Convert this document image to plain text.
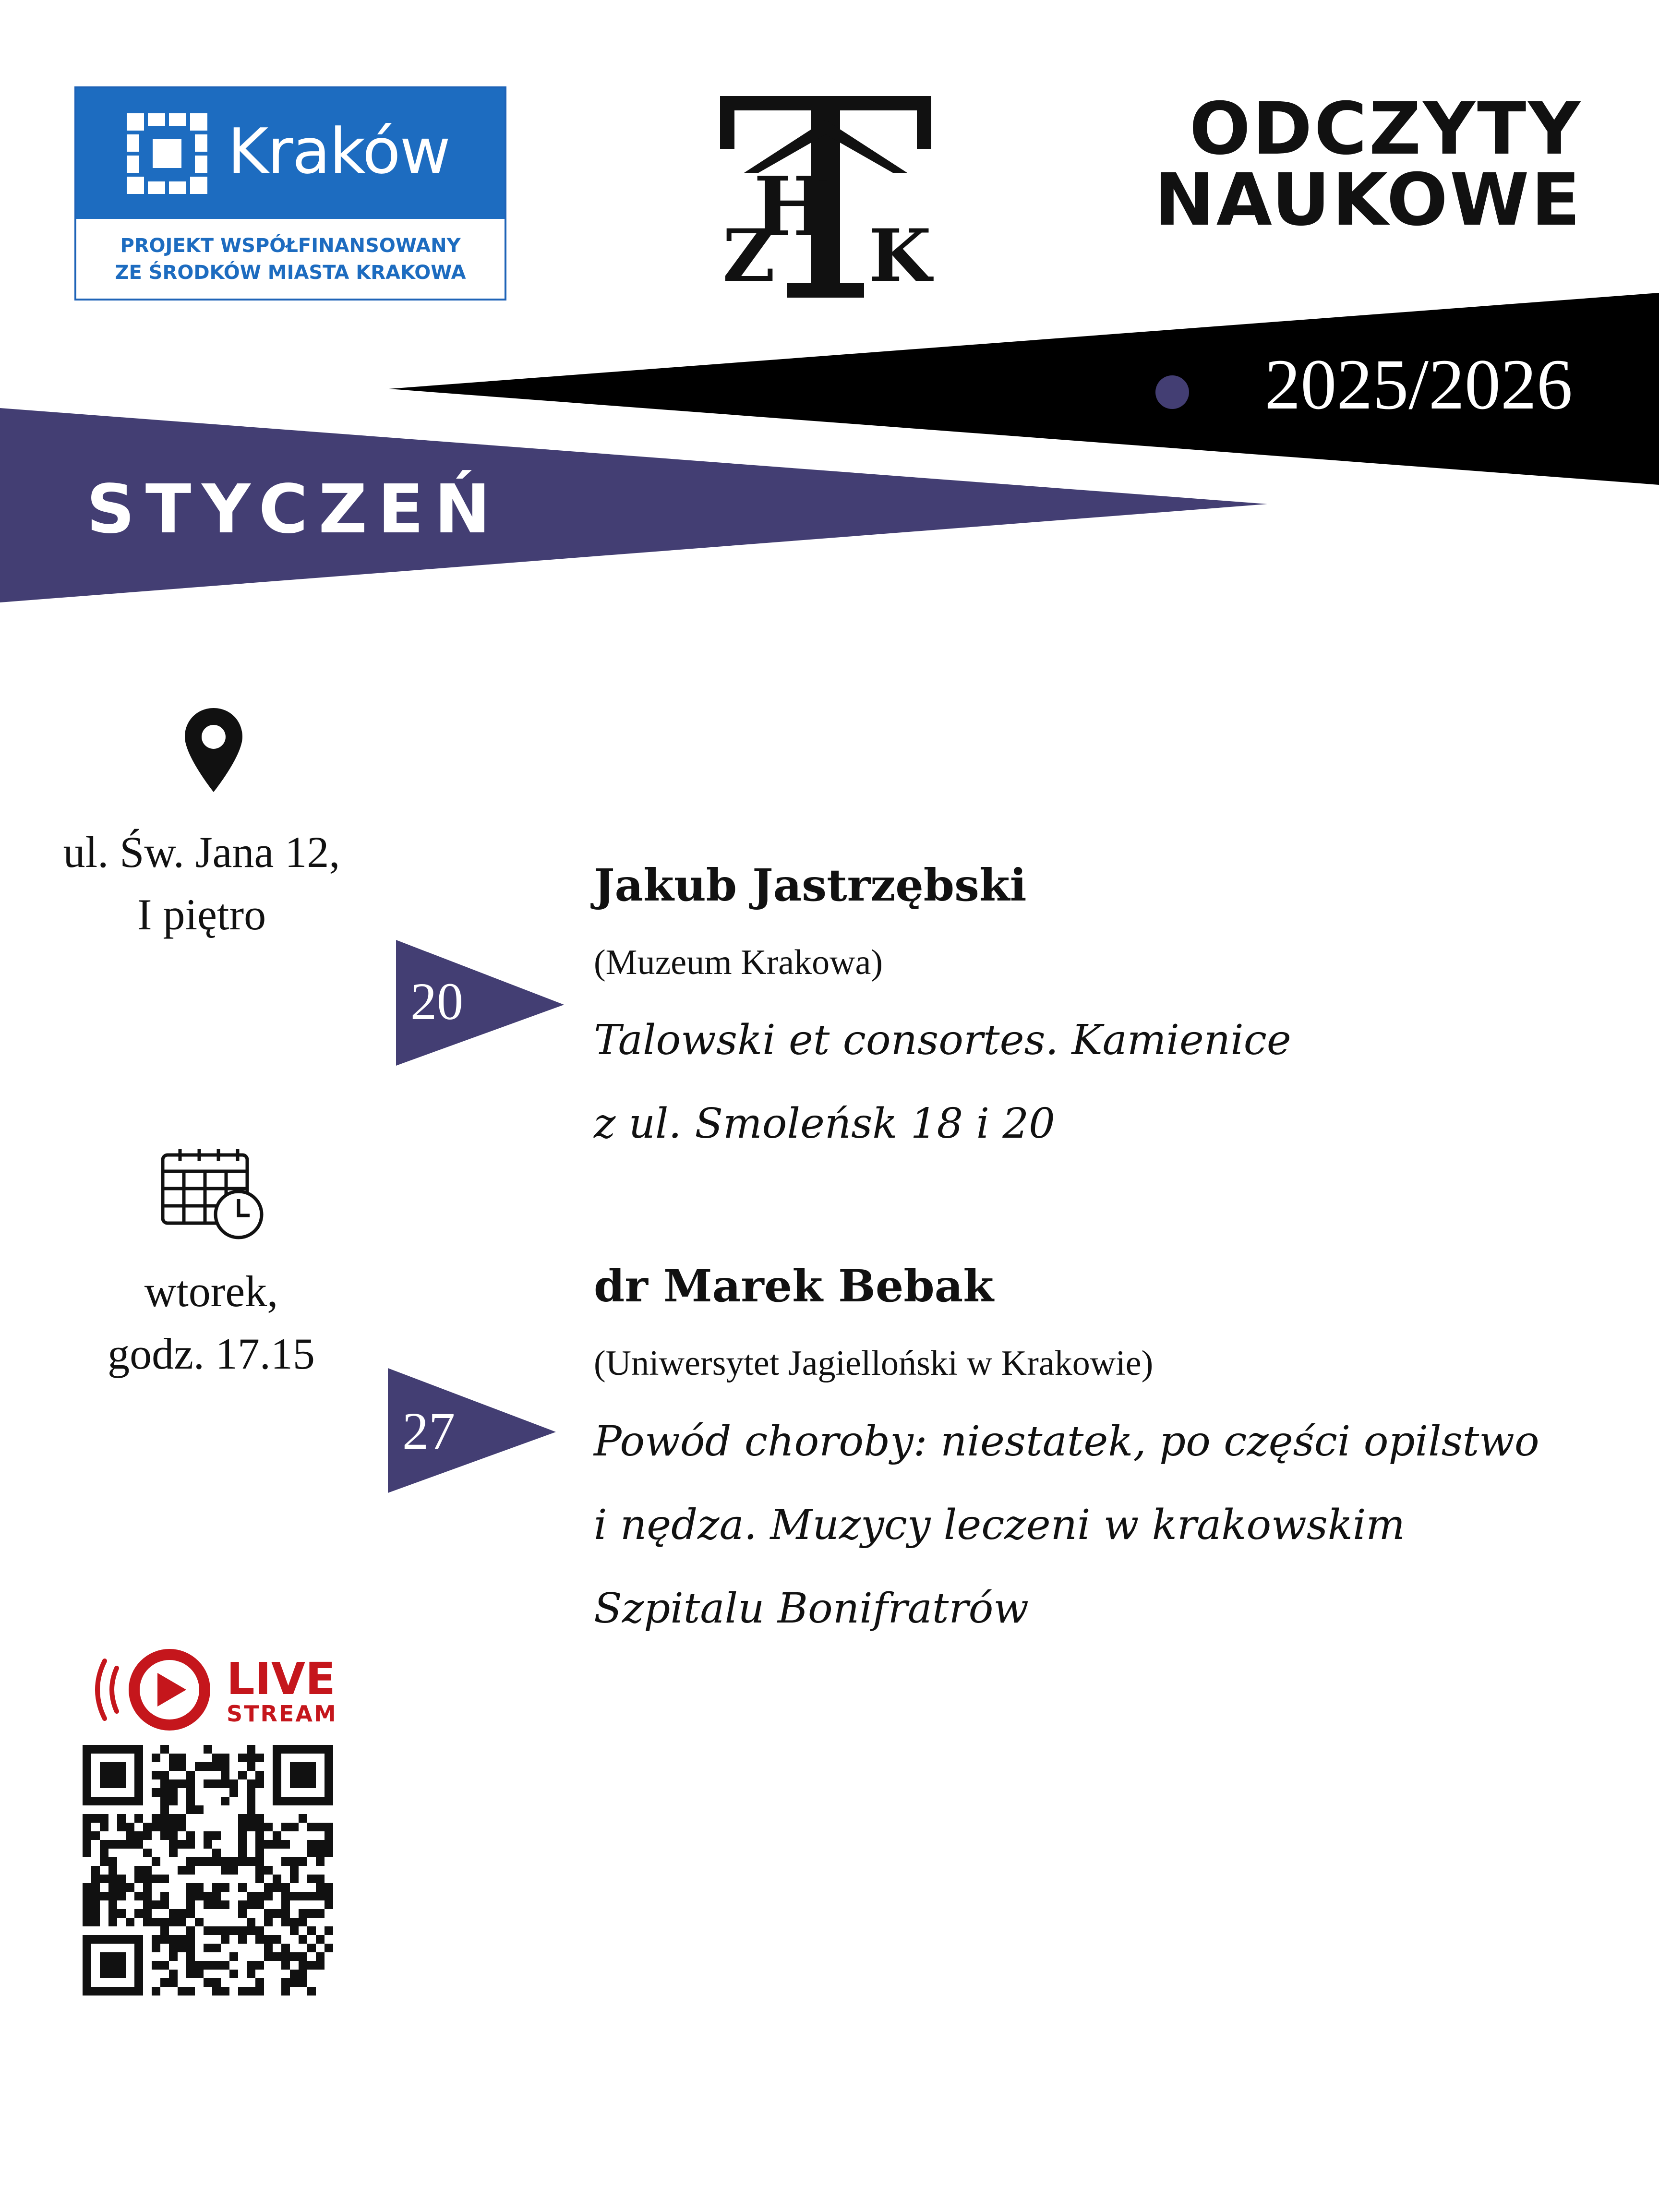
Kraków
PROJEKT WSPÓŁFINANSOWANY
ZE ŚRODKÓW MIASTA KRAKOWA
H
Z K
ODCZYTY
NAUKOWE
2025/2026
STYCZEŃ
ul. Św. Jana 12,
I piętro
wtorek,
godz. 17.15
20
Jakub Jastrzębski
(Muzeum Krakowa)
Talowski et consortes. Kamienice
z ul. Smoleńsk 18 i 20
27
dr Marek Bebak
(Uniwersytet Jagielloński w Krakowie)
Powód choroby: niestatek, po części opilstwo
i nędza. Muzycy leczeni w krakowskim
Szpitalu Bonifratrów
LIVE
STREAM
